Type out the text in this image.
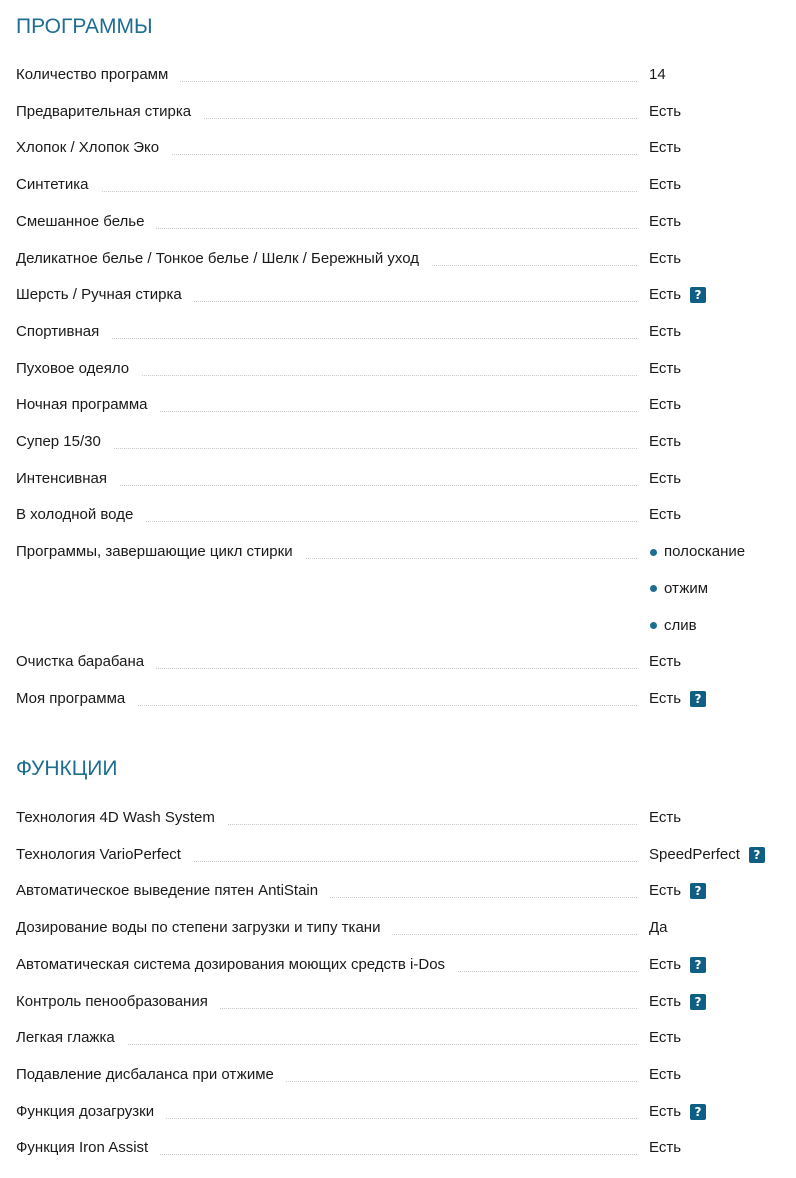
ПРОГРАММЫ
Количество программ	14
Предварительная стирка	Есть
Хлопок / Хлопок Эко	Есть
Синтетика	Есть
Смешанное белье	Есть
Деликатное белье / Тонкое белье / Шелк / Бережный уход	Есть
Шерсть / Ручная стирка	Есть	?
Спортивная	Есть
Пуховое одеяло	Есть
Ночная программа	Есть
Супер 15/30	Есть
Интенсивная	Есть
В холодной воде	Есть
Программы, завершающие цикл стирки	полоскание
отжим
слив
Очистка барабана	Есть
Моя программа	Есть	?
ФУНКЦИИ
Технология 4D Wash System	Есть
Технология VarioPerfect	SpeedPerfect	?
Автоматическое выведение пятен AntiStain	Есть	?
Дозирование воды по степени загрузки и типу ткани	Да
Автоматическая система дозирования моющих средств i-Dos	Есть	?
Контроль пенообразования	Есть	?
Легкая глажка	Есть
Подавление дисбаланса при отжиме	Есть
Функция дозагрузки	Есть	?
Функция Iron Assist	Есть
